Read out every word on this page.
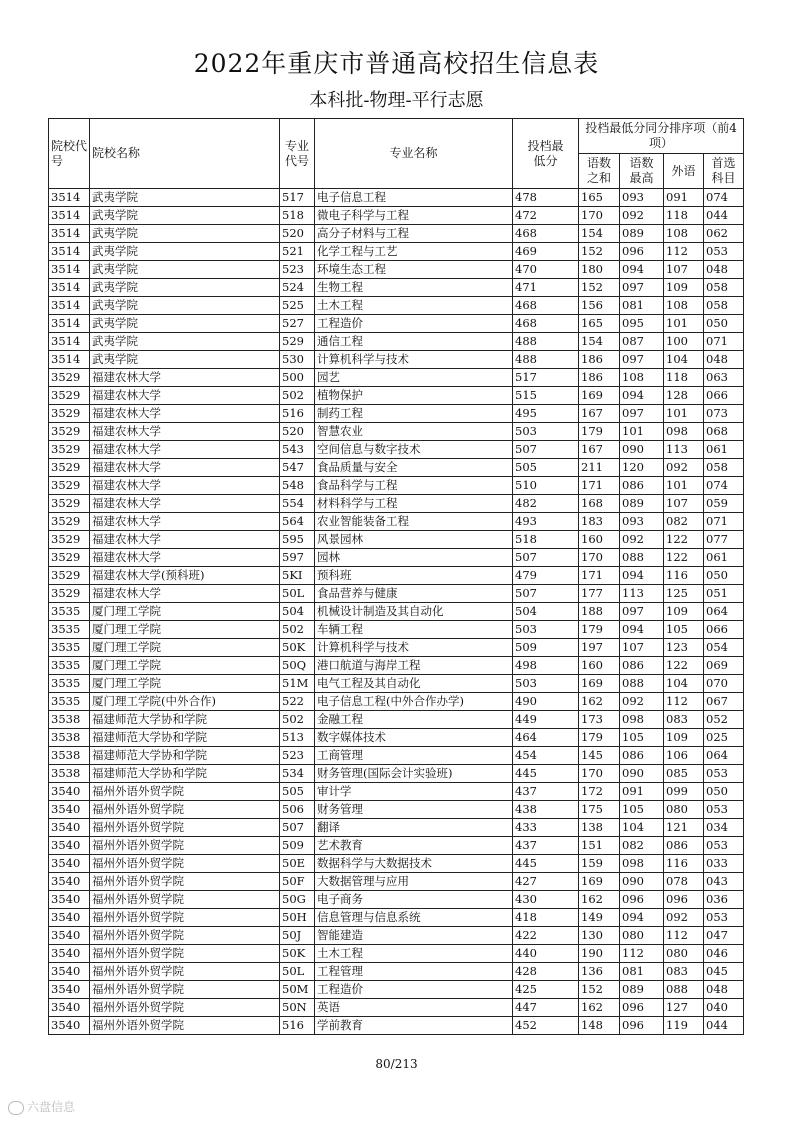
2022年重庆市普通高校招生信息表
本科批-物理-平行志愿
院校代号	院校名称	专业代号	专业名称	投档最低分	投档最低分同分排序项（前4项）			
					语数之和	语数最高	外语	首选科目
3514	武夷学院	517	电子信息工程	478	165	093	091	074
3514	武夷学院	518	微电子科学与工程	472	170	092	118	044
3514	武夷学院	520	高分子材料与工程	468	154	089	108	062
3514	武夷学院	521	化学工程与工艺	469	152	096	112	053
3514	武夷学院	523	环境生态工程	470	180	094	107	048
3514	武夷学院	524	生物工程	471	152	097	109	058
3514	武夷学院	525	土木工程	468	156	081	108	058
3514	武夷学院	527	工程造价	468	165	095	101	050
3514	武夷学院	529	通信工程	488	154	087	100	071
3514	武夷学院	530	计算机科学与技术	488	186	097	104	048
3529	福建农林大学	500	园艺	517	186	108	118	063
3529	福建农林大学	502	植物保护	515	169	094	128	066
3529	福建农林大学	516	制药工程	495	167	097	101	073
3529	福建农林大学	520	智慧农业	503	179	101	098	068
3529	福建农林大学	543	空间信息与数字技术	507	167	090	113	061
3529	福建农林大学	547	食品质量与安全	505	211	120	092	058
3529	福建农林大学	548	食品科学与工程	510	171	086	101	074
3529	福建农林大学	554	材料科学与工程	482	168	089	107	059
3529	福建农林大学	564	农业智能装备工程	493	183	093	082	071
3529	福建农林大学	595	风景园林	518	160	092	122	077
3529	福建农林大学	597	园林	507	170	088	122	061
3529	福建农林大学(预科班)	5KI	预科班	479	171	094	116	050
3529	福建农林大学	50L	食品营养与健康	507	177	113	125	051
3535	厦门理工学院	504	机械设计制造及其自动化	504	188	097	109	064
3535	厦门理工学院	502	车辆工程	503	179	094	105	066
3535	厦门理工学院	50K	计算机科学与技术	509	197	107	123	054
3535	厦门理工学院	50Q	港口航道与海岸工程	498	160	086	122	069
3535	厦门理工学院	51M	电气工程及其自动化	503	169	088	104	070
3535	厦门理工学院(中外合作)	522	电子信息工程(中外合作办学)	490	162	092	112	067
3538	福建师范大学协和学院	502	金融工程	449	173	098	083	052
3538	福建师范大学协和学院	513	数字媒体技术	464	179	105	109	025
3538	福建师范大学协和学院	523	工商管理	454	145	086	106	064
3538	福建师范大学协和学院	534	财务管理(国际会计实验班)	445	170	090	085	053
3540	福州外语外贸学院	505	审计学	437	172	091	099	050
3540	福州外语外贸学院	506	财务管理	438	175	105	080	053
3540	福州外语外贸学院	507	翻译	433	138	104	121	034
3540	福州外语外贸学院	509	艺术教育	437	151	082	086	053
3540	福州外语外贸学院	50E	数据科学与大数据技术	445	159	098	116	033
3540	福州外语外贸学院	50F	大数据管理与应用	427	169	090	078	043
3540	福州外语外贸学院	50G	电子商务	430	162	096	096	036
3540	福州外语外贸学院	50H	信息管理与信息系统	418	149	094	092	053
3540	福州外语外贸学院	50J	智能建造	422	130	080	112	047
3540	福州外语外贸学院	50K	土木工程	440	190	112	080	046
3540	福州外语外贸学院	50L	工程管理	428	136	081	083	045
3540	福州外语外贸学院	50M	工程造价	425	152	089	088	048
3540	福州外语外贸学院	50N	英语	447	162	096	127	040
3540	福州外语外贸学院	516	学前教育	452	148	096	119	044
80/213
六盘信息
